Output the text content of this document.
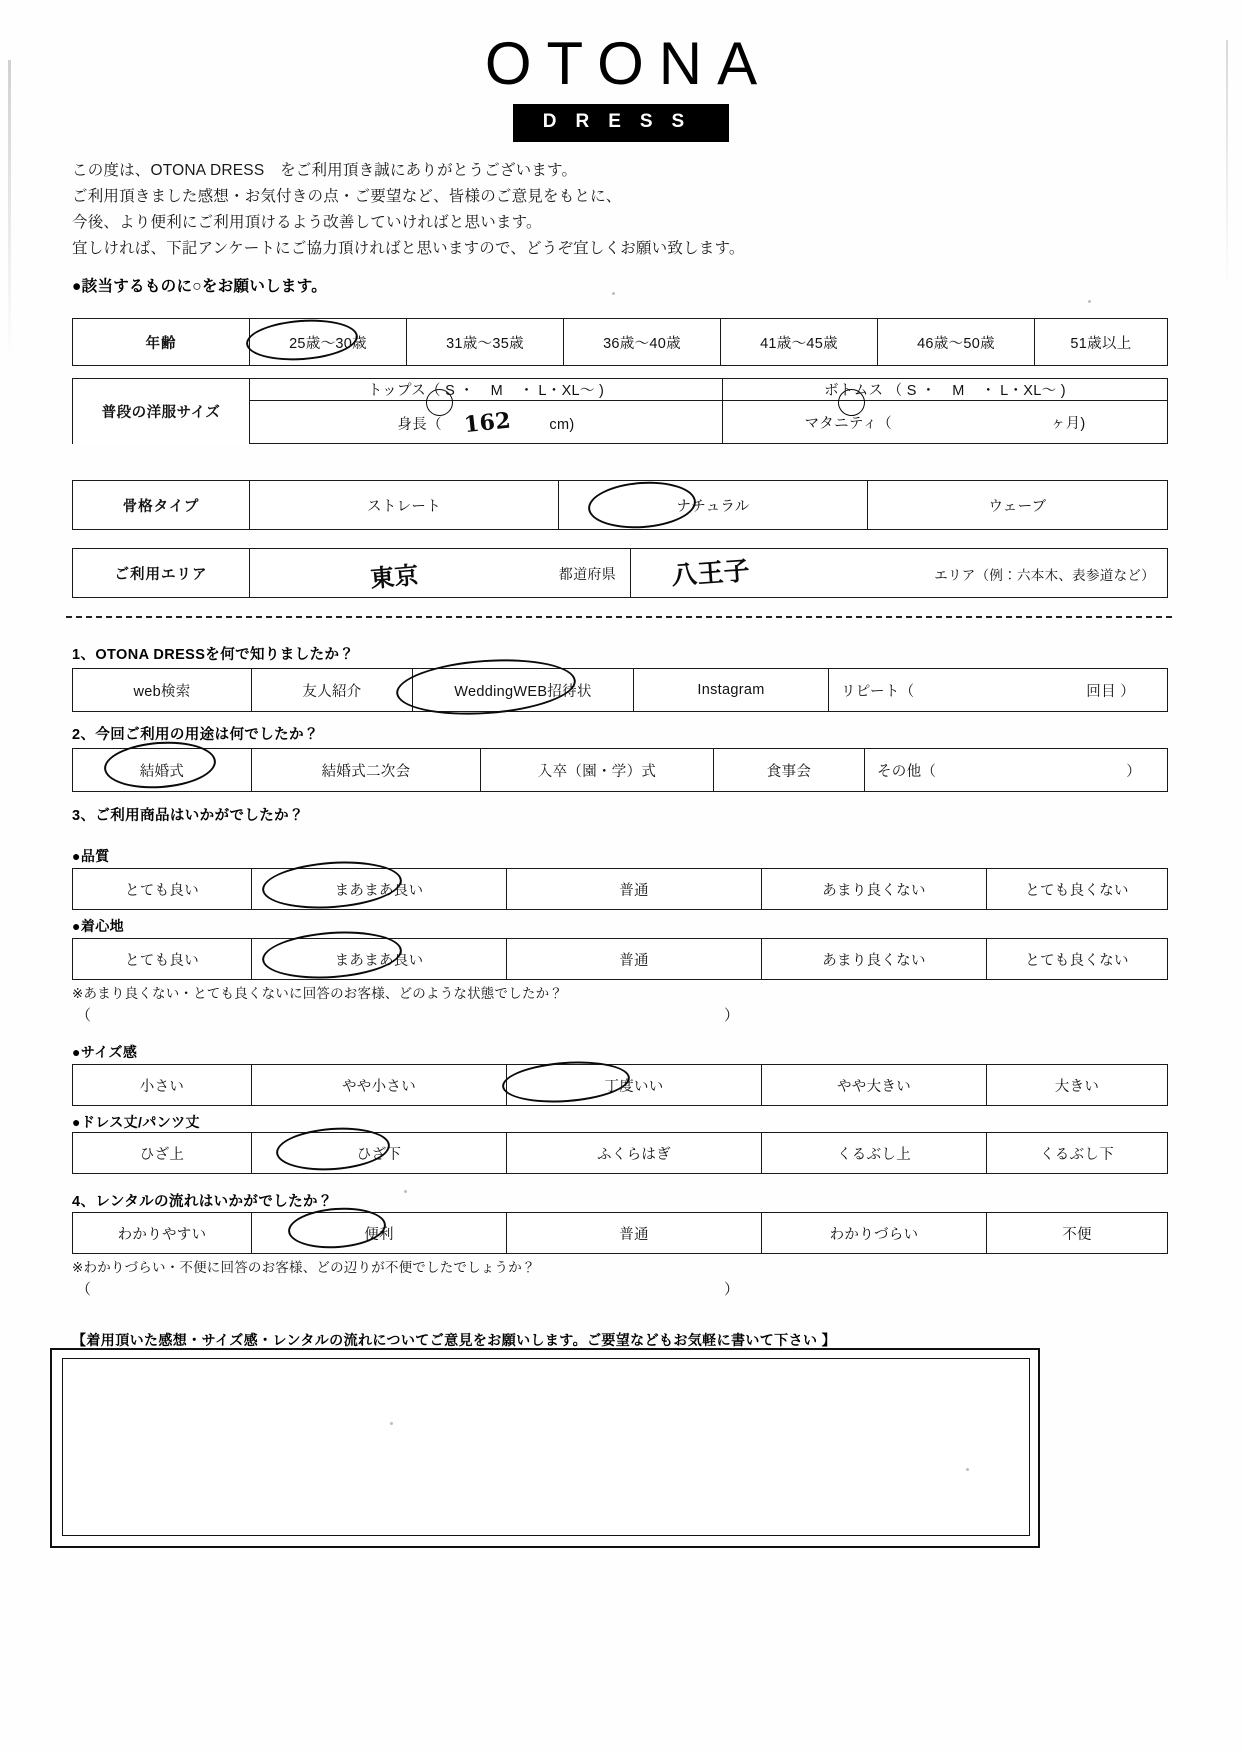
OTONA
DRESS
この度は、OTONA DRESS　をご利用頂き誠にありがとうございます。
ご利用頂きました感想・お気付きの点・ご要望など、皆様のご意見をもとに、
今後、より便利にご利用頂けるよう改善していければと思います。
宜しければ、下記アンケートにご協力頂ければと思いますので、どうぞ宜しくお願い致します。
●該当するものに○をお願いします。
年齢	25歳～30歳	31歳～35歳	36歳～40歳	41歳～45歳	46歳～50歳	51歳以上
普段の洋服サイズ	トップス（ S ・ M ・ L・XL～ )	ボトムス （ S ・ M ・ L・XL～ )
	身長（ 162 cm)	マタニティ（ ヶ月)
骨格タイプ	ストレート	ナチュラル	ウェーブ
ご利用エリア	東京	都道府県	八王子	エリア（例：六本木、表参道など）
1、OTONA DRESSを何で知りましたか？
web検索	友人紹介	WeddingWEB招待状	Instagram	リピート（	回目 ）
2、今回ご利用の用途は何でしたか？
結婚式	結婚式二次会	入卒（園・学）式	食事会	その他（	）
3、ご利用商品はいかがでしたか？
●品質
とても良い	まあまあ良い	普通	あまり良くない	とても良くない
●着心地
とても良い	まあまあ良い	普通	あまり良くない	とても良くない
※あまり良くない・とても良くないに回答のお客様、どのような状態でしたか？
（	）
●サイズ感
小さい	やや小さい	丁度いい	やや大きい	大きい
●ドレス丈/パンツ丈
ひざ上	ひざ下	ふくらはぎ	くるぶし上	くるぶし下
4、レンタルの流れはいかがでしたか？
わかりやすい	便利	普通	わかりづらい	不便
※わかりづらい・不便に回答のお客様、どの辺りが不便でしたでしょうか？
（	）
【着用頂いた感想・サイズ感・レンタルの流れについてご意見をお願いします。ご要望などもお気軽に書いて下さい 】
